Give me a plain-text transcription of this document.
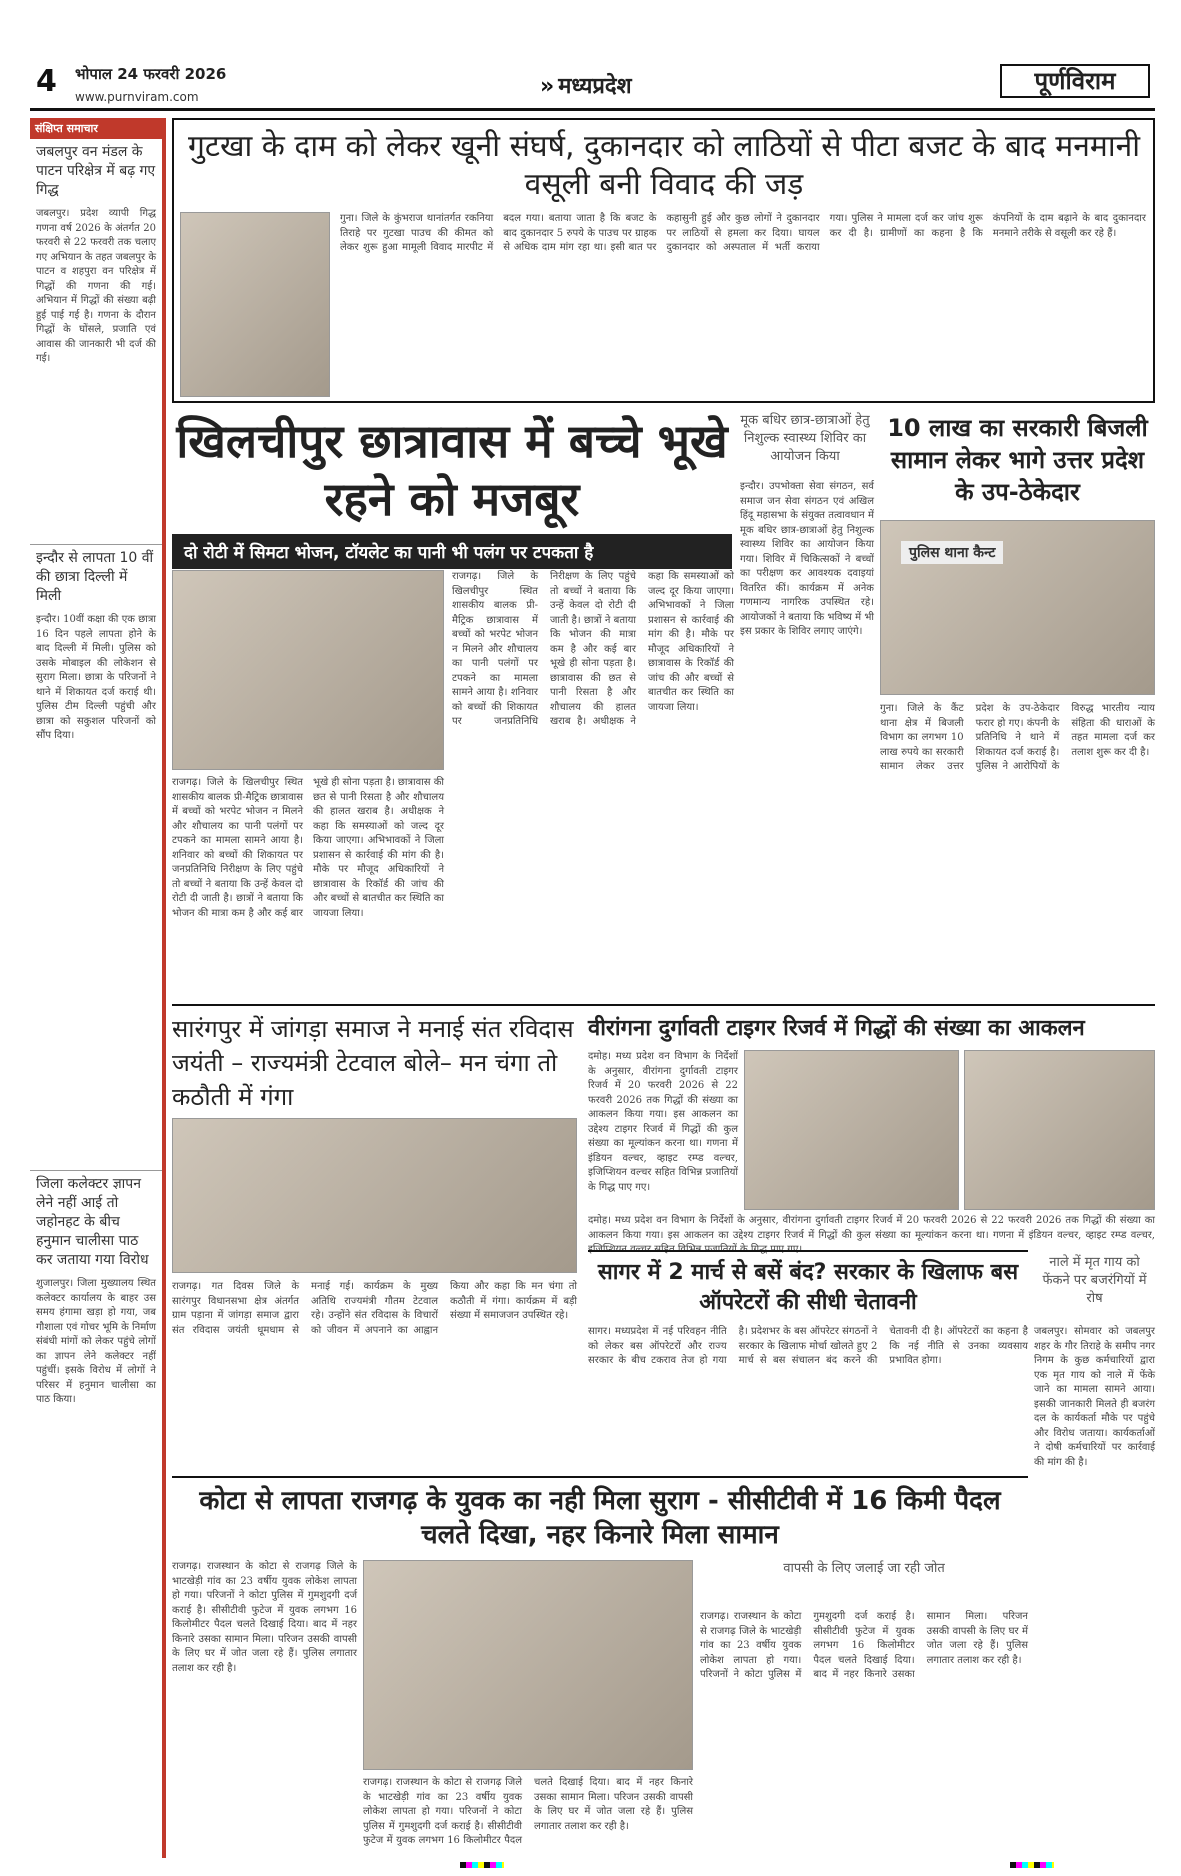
4	भोपाल 24 फरवरी 2026
www.purnviram.com	» मध्यप्रदेश	पूर्णविराम
संक्षिप्त समाचार
जबलपुर वन मंडल के पाटन परिक्षेत्र में बढ़ गए गिद्ध
जबलपुर। प्रदेश व्यापी गिद्ध गणना वर्ष 2026 के अंतर्गत 20 फरवरी से 22 फरवरी तक चलाए गए अभियान के तहत जबलपुर के पाटन व शहपुरा वन परिक्षेत्र में गिद्धों की गणना की गई। अभियान में गिद्धों की संख्या बढ़ी हुई पाई गई है। गणना के दौरान गिद्धों के घोंसले, प्रजाति एवं आवास की जानकारी भी दर्ज की गई।
इन्दौर से लापता 10 वीं की छात्रा दिल्ली में मिली
इन्दौर। 10वीं कक्षा की एक छात्रा 16 दिन पहले लापता होने के बाद दिल्ली में मिली। पुलिस को उसके मोबाइल की लोकेशन से सुराग मिला। छात्रा के परिजनों ने थाने में शिकायत दर्ज कराई थी। पुलिस टीम दिल्ली पहुंची और छात्रा को सकुशल परिजनों को सौंप दिया।
जिला कलेक्टर ज्ञापन लेने नहीं आई तो जहोनहट के बीच हनुमान चालीसा पाठ कर जताया गया विरोध
शुजालपुर। जिला मुख्यालय स्थित कलेक्टर कार्यालय के बाहर उस समय हंगामा खड़ा हो गया, जब गौशाला एवं गोचर भूमि के निर्माण संबंधी मांगों को लेकर पहुंचे लोगों का ज्ञापन लेने कलेक्टर नहीं पहुंचीं। इसके विरोध में लोगों ने परिसर में हनुमान चालीसा का पाठ किया।
गुटखा के दाम को लेकर खूनी संघर्ष, दुकानदार को लाठियों से पीटा बजट के बाद मनमानी वसूली बनी विवाद की जड़
गुना। जिले के कुंभराज थानांतर्गत रकनिया तिराहे पर गुटखा पाउच की कीमत को लेकर शुरू हुआ मामूली विवाद मारपीट में बदल गया। बताया जाता है कि बजट के बाद दुकानदार 5 रुपये के पाउच पर ग्राहक से अधिक दाम मांग रहा था। इसी बात पर कहासुनी हुई और कुछ लोगों ने दुकानदार पर लाठियों से हमला कर दिया। घायल दुकानदार को अस्पताल में भर्ती कराया गया। पुलिस ने मामला दर्ज कर जांच शुरू कर दी है। ग्रामीणों का कहना है कि कंपनियों के दाम बढ़ाने के बाद दुकानदार मनमाने तरीके से वसूली कर रहे हैं।
खिलचीपुर छात्रावास में बच्चे भूखे रहने को मजबूर
दो रोटी में सिमटा भोजन, टॉयलेट का पानी भी पलंग पर टपकता है
राजगढ़। जिले के खिलचीपुर स्थित शासकीय बालक प्री-मैट्रिक छात्रावास में बच्चों को भरपेट भोजन न मिलने और शौचालय का पानी पलंगों पर टपकने का मामला सामने आया है। शनिवार को बच्चों की शिकायत पर जनप्रतिनिधि निरीक्षण के लिए पहुंचे तो बच्चों ने बताया कि उन्हें केवल दो रोटी दी जाती है। छात्रों ने बताया कि भोजन की मात्रा कम है और कई बार भूखे ही सोना पड़ता है। छात्रावास की छत से पानी रिसता है और शौचालय की हालत खराब है। अधीक्षक ने कहा कि समस्याओं को जल्द दूर किया जाएगा। अभिभावकों ने जिला प्रशासन से कार्रवाई की मांग की है। मौके पर मौजूद अधिकारियों ने छात्रावास के रिकॉर्ड की जांच की और बच्चों से बातचीत कर स्थिति का जायजा लिया।
राजगढ़। जिले के खिलचीपुर स्थित शासकीय बालक प्री-मैट्रिक छात्रावास में बच्चों को भरपेट भोजन न मिलने और शौचालय का पानी पलंगों पर टपकने का मामला सामने आया है। शनिवार को बच्चों की शिकायत पर जनप्रतिनिधि निरीक्षण के लिए पहुंचे तो बच्चों ने बताया कि उन्हें केवल दो रोटी दी जाती है। छात्रों ने बताया कि भोजन की मात्रा कम है और कई बार भूखे ही सोना पड़ता है। छात्रावास की छत से पानी रिसता है और शौचालय की हालत खराब है। अधीक्षक ने कहा कि समस्याओं को जल्द दूर किया जाएगा। अभिभावकों ने जिला प्रशासन से कार्रवाई की मांग की है। मौके पर मौजूद अधिकारियों ने छात्रावास के रिकॉर्ड की जांच की और बच्चों से बातचीत कर स्थिति का जायजा लिया।
मूक बधिर छात्र-छात्राओं हेतु निशुल्क स्वास्थ्य शिविर का आयोजन किया
इन्दौर। उपभोक्ता सेवा संगठन, सर्व समाज जन सेवा संगठन एवं अखिल हिंदू महासभा के संयुक्त तत्वावधान में मूक बधिर छात्र-छात्राओं हेतु निशुल्क स्वास्थ्य शिविर का आयोजन किया गया। शिविर में चिकित्सकों ने बच्चों का परीक्षण कर आवश्यक दवाइयां वितरित कीं। कार्यक्रम में अनेक गणमान्य नागरिक उपस्थित रहे। आयोजकों ने बताया कि भविष्य में भी इस प्रकार के शिविर लगाए जाएंगे।
10 लाख का सरकारी बिजली सामान लेकर भागे उत्तर प्रदेश के उप-ठेकेदार
पुलिस थाना कैन्ट
गुना। जिले के कैंट थाना क्षेत्र में बिजली विभाग का लगभग 10 लाख रुपये का सरकारी सामान लेकर उत्तर प्रदेश के उप-ठेकेदार फरार हो गए। कंपनी के प्रतिनिधि ने थाने में शिकायत दर्ज कराई है। पुलिस ने आरोपियों के विरुद्ध भारतीय न्याय संहिता की धाराओं के तहत मामला दर्ज कर तलाश शुरू कर दी है।
सारंगपुर में जांगड़ा समाज ने मनाई संत रविदास जयंती – राज्यमंत्री टेटवाल बोले– मन चंगा तो कठौती में गंगा
राजगढ़। गत दिवस जिले के सारंगपुर विधानसभा क्षेत्र अंतर्गत ग्राम पड़ाना में जांगड़ा समाज द्वारा संत रविदास जयंती धूमधाम से मनाई गई। कार्यक्रम के मुख्य अतिथि राज्यमंत्री गौतम टेटवाल रहे। उन्होंने संत रविदास के विचारों को जीवन में अपनाने का आह्वान किया और कहा कि मन चंगा तो कठौती में गंगा। कार्यक्रम में बड़ी संख्या में समाजजन उपस्थित रहे।
वीरांगना दुर्गावती टाइगर रिजर्व में गिद्धों की संख्या का आकलन
दमोह। मध्य प्रदेश वन विभाग के निर्देशों के अनुसार, वीरांगना दुर्गावती टाइगर रिजर्व में 20 फरवरी 2026 से 22 फरवरी 2026 तक गिद्धों की संख्या का आकलन किया गया। इस आकलन का उद्देश्य टाइगर रिजर्व में गिद्धों की कुल संख्या का मूल्यांकन करना था। गणना में इंडियन वल्चर, व्हाइट रम्प्ड वल्चर, इजिप्शियन वल्चर सहित विभिन्न प्रजातियों के गिद्ध पाए गए।
दमोह। मध्य प्रदेश वन विभाग के निर्देशों के अनुसार, वीरांगना दुर्गावती टाइगर रिजर्व में 20 फरवरी 2026 से 22 फरवरी 2026 तक गिद्धों की संख्या का आकलन किया गया। इस आकलन का उद्देश्य टाइगर रिजर्व में गिद्धों की कुल संख्या का मूल्यांकन करना था। गणना में इंडियन वल्चर, व्हाइट रम्प्ड वल्चर, इजिप्शियन वल्चर सहित विभिन्न प्रजातियों के गिद्ध पाए गए।
सागर में 2 मार्च से बसें बंद? सरकार के खिलाफ बस ऑपरेटरों की सीधी चेतावनी
सागर। मध्यप्रदेश में नई परिवहन नीति को लेकर बस ऑपरेटरों और राज्य सरकार के बीच टकराव तेज हो गया है। प्रदेशभर के बस ऑपरेटर संगठनों ने सरकार के खिलाफ मोर्चा खोलते हुए 2 मार्च से बस संचालन बंद करने की चेतावनी दी है। ऑपरेटरों का कहना है कि नई नीति से उनका व्यवसाय प्रभावित होगा।
नाले में मृत गाय को फेंकने पर बजरंगियों में रोष
जबलपुर। सोमवार को जबलपुर शहर के गौर तिराहे के समीप नगर निगम के कुछ कर्मचारियों द्वारा एक मृत गाय को नाले में फेंके जाने का मामला सामने आया। इसकी जानकारी मिलते ही बजरंग दल के कार्यकर्ता मौके पर पहुंचे और विरोध जताया। कार्यकर्ताओं ने दोषी कर्मचारियों पर कार्रवाई की मांग की है।
कोटा से लापता राजगढ़ के युवक का नही मिला सुराग - सीसीटीवी में 16 किमी पैदल चलते दिखा, नहर किनारे मिला सामान
राजगढ़। राजस्थान के कोटा से राजगढ़ जिले के भाटखेड़ी गांव का 23 वर्षीय युवक लोकेश लापता हो गया। परिजनों ने कोटा पुलिस में गुमशुदगी दर्ज कराई है। सीसीटीवी फुटेज में युवक लगभग 16 किलोमीटर पैदल चलते दिखाई दिया। बाद में नहर किनारे उसका सामान मिला। परिजन उसकी वापसी के लिए घर में जोत जला रहे हैं। पुलिस लगातार तलाश कर रही है।
राजगढ़। राजस्थान के कोटा से राजगढ़ जिले के भाटखेड़ी गांव का 23 वर्षीय युवक लोकेश लापता हो गया। परिजनों ने कोटा पुलिस में गुमशुदगी दर्ज कराई है। सीसीटीवी फुटेज में युवक लगभग 16 किलोमीटर पैदल चलते दिखाई दिया। बाद में नहर किनारे उसका सामान मिला। परिजन उसकी वापसी के लिए घर में जोत जला रहे हैं। पुलिस लगातार तलाश कर रही है।
वापसी के लिए जलाई जा रही जोत
राजगढ़। राजस्थान के कोटा से राजगढ़ जिले के भाटखेड़ी गांव का 23 वर्षीय युवक लोकेश लापता हो गया। परिजनों ने कोटा पुलिस में गुमशुदगी दर्ज कराई है। सीसीटीवी फुटेज में युवक लगभग 16 किलोमीटर पैदल चलते दिखाई दिया। बाद में नहर किनारे उसका सामान मिला। परिजन उसकी वापसी के लिए घर में जोत जला रहे हैं। पुलिस लगातार तलाश कर रही है।
